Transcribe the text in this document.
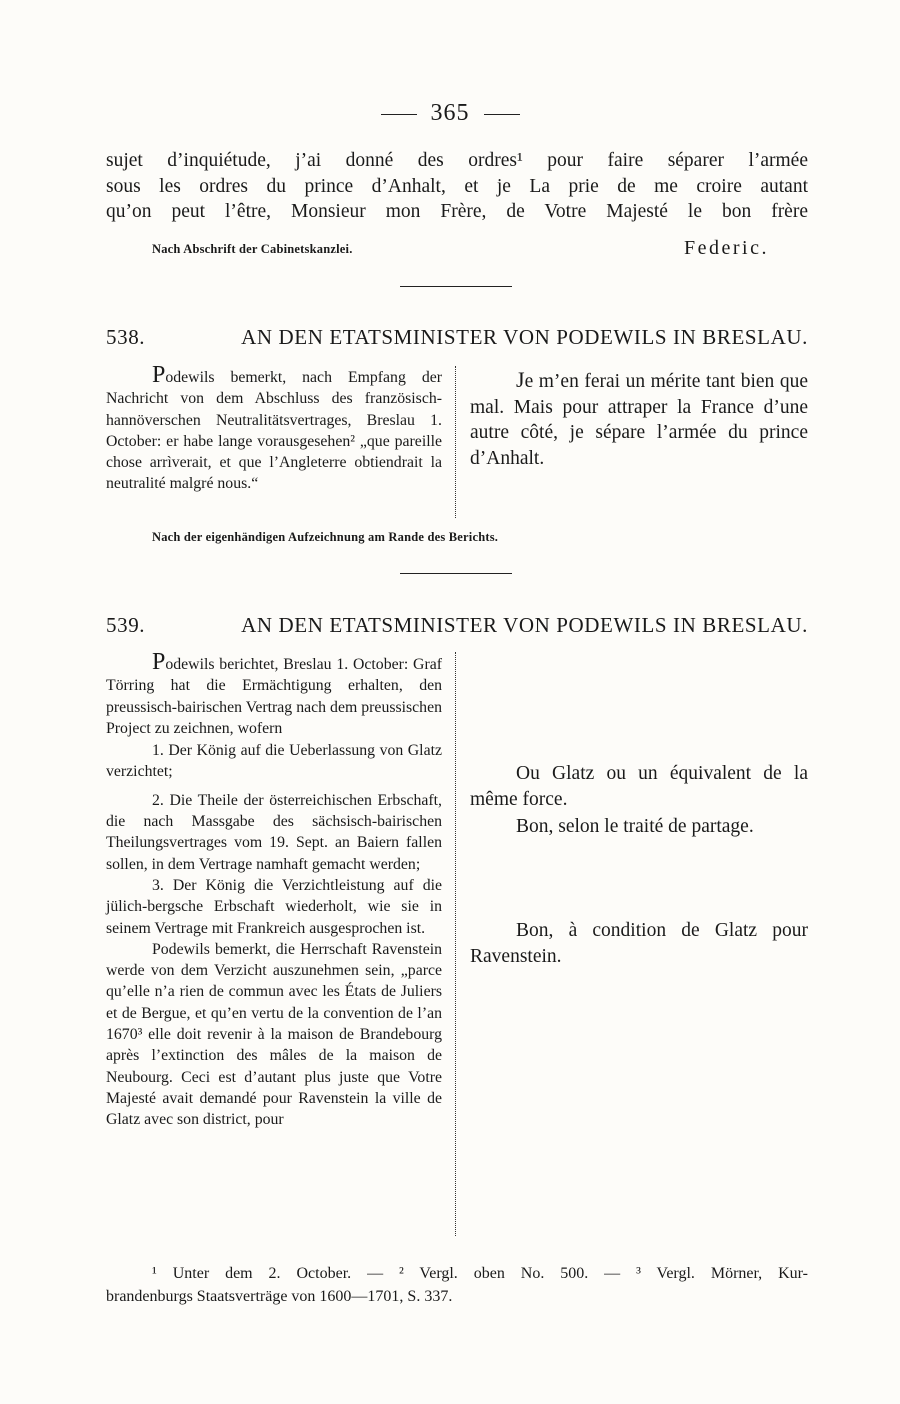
365
sujet d’inquiétude, j’ai donné des ordres¹ pour faire séparer l’armée
sous les ordres du prince d’Anhalt, et je La prie de me croire autant
qu’on peut l’être, Monsieur mon Frère, de Votre Majesté le bon frère
Nach Abschrift der Cabinetskanzlei.	Federic.
538.	AN DEN ETATSMINISTER VON PODEWILS IN BRESLAU.

Podewils bemerkt, nach Empfang der Nachricht von dem Abschluss des französisch-hannöverschen Neutralitätsvertrages, Breslau 1. October: er habe lange vorausgesehen² „que pareille chose arrìverait, et que l’Angleterre obtiendrait la neutralité malgré nous.“

Je m’en ferai un mérite tant bien que mal. Mais pour attraper la France d’une autre côté, je sépare l’armée du prince d’Anhalt.

Nach der eigenhändigen Aufzeichnung am Rande des Berichts.
539.	AN DEN ETATSMINISTER VON PODEWILS IN BRESLAU.

Podewils berichtet, Breslau 1. October: Graf Törring hat die Ermächtigung erhalten, den preussisch-bairischen Vertrag nach dem preussischen Project zu zeichnen, wofern

1. Der König auf die Ueberlassung von Glatz verzichtet;

2. Die Theile der österreichischen Erbschaft, die nach Massgabe des sächsisch-bairischen Theilungsvertrages vom 19. Sept. an Baiern fallen sollen, in dem Vertrage namhaft gemacht werden;

3. Der König die Verzichtleistung auf die jülich-bergsche Erbschaft wiederholt, wie sie in seinem Vertrage mit Frankreich ausgesprochen ist.

Podewils bemerkt, die Herrschaft Ravenstein werde von dem Verzicht auszunehmen sein, „parce qu’elle n’a rien de commun avec les États de Juliers et de Bergue, et qu’en vertu de la convention de l’an 1670³ elle doit revenir à la maison de Brandebourg après l’extinction des mâles de la maison de Neubourg. Ceci est d’autant plus juste que Votre Majesté avait demandé pour Ravenstein la ville de Glatz avec son district, pour

Ou Glatz ou un équivalent de la même force.

Bon, selon le traité de partage.

Bon, à condition de Glatz pour Ravenstein.

¹ Unter dem 2. October. — ² Vergl. oben No. 500. — ³ Vergl. Mörner, Kur-
brandenburgs Staatsverträge von 1600—1701, S. 337.
